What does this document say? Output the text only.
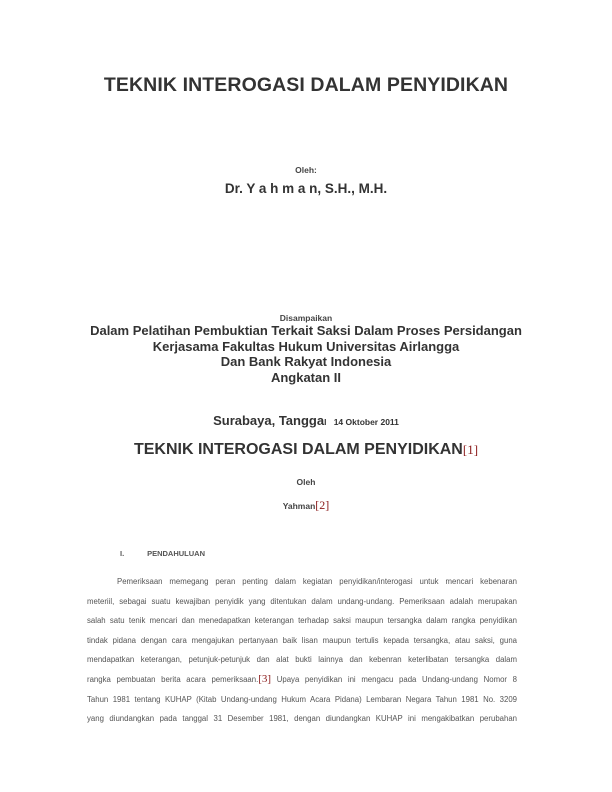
TEKNIK INTEROGASI DALAM PENYIDIKAN
Oleh:
Dr. Y a h m a n, S.H., M.H.
Disampaikan
Dalam Pelatihan Pembuktian Terkait Saksi Dalam Proses Persidangan
Kerjasama Fakultas Hukum Universitas Airlangga
Dan Bank Rakyat Indonesia
Angkatan II
Surabaya, Tanggal 14 Oktober 2011
TEKNIK INTEROGASI DALAM PENYIDIKAN[1]
Oleh
Yahman[2]
I.	PENDAHULUAN
Pemeriksaan memegang peran penting dalam kegiatan penyidikan/interogasi untuk mencari kebenaran
meteriil, sebagai suatu kewajiban penyidik yang ditentukan dalam undang-undang. Pemeriksaan adalah merupakan
salah satu tenik mencari dan menedapatkan keterangan terhadap saksi maupun tersangka dalam rangka penyidikan
tindak pidana dengan cara mengajukan pertanyaan baik lisan maupun tertulis kepada tersangka, atau saksi, guna
mendapatkan keterangan, petunjuk-petunjuk dan alat bukti lainnya dan kebenran keterlibatan tersangka dalam
rangka pembuatan berita acara pemeriksaan.[3] Upaya penyidikan ini mengacu pada Undang-undang Nomor 8
Tahun 1981 tentang KUHAP (Kitab Undang-undang Hukum Acara Pidana) Lembaran Negara Tahun 1981 No. 3209
yang diundangkan pada tanggal 31 Desember 1981, dengan diundangkan KUHAP ini mengakibatkan perubahan
